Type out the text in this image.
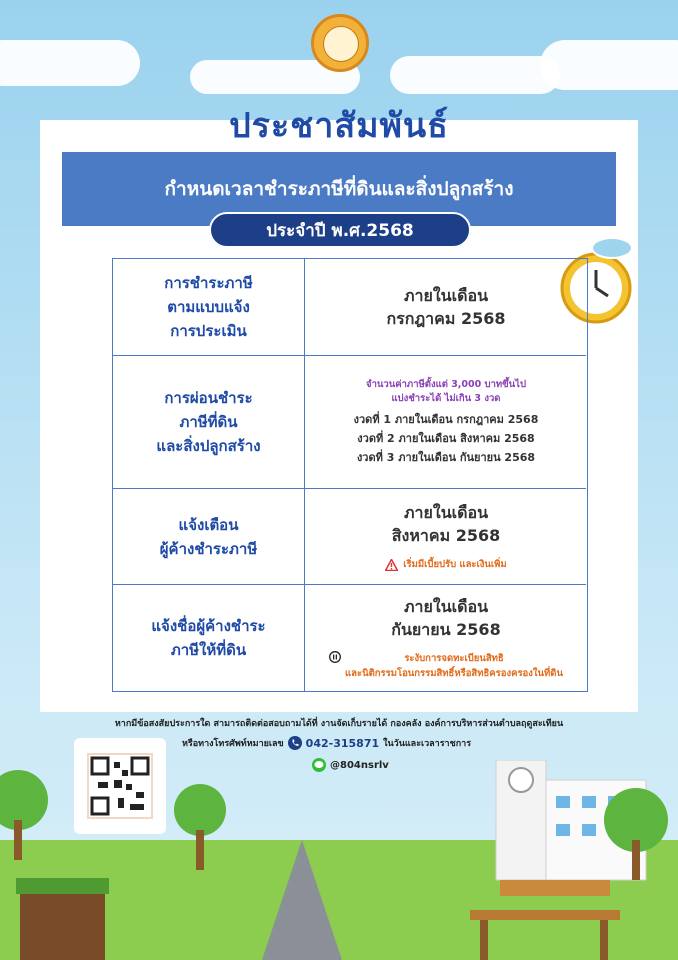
ประชาสัมพันธ์
กำหนดเวลาชำระภาษีที่ดินและสิ่งปลูกสร้าง
ประจำปี พ.ศ.2568
การชำระภาษี
ตามแบบแจ้ง
การประเมิน
ภายในเดือน
กรกฎาคม 2568
การผ่อนชำระ
ภาษีที่ดิน
และสิ่งปลูกสร้าง
จำนวนค่าภาษีตั้งแต่ 3,000 บาทขึ้นไป
แบ่งชำระได้ ไม่เกิน 3 งวด
งวดที่ 1 ภายในเดือน กรกฎาคม 2568
งวดที่ 2 ภายในเดือน สิงหาคม 2568
งวดที่ 3 ภายในเดือน กันยายน 2568
แจ้งเตือน
ผู้ค้างชำระภาษี
ภายในเดือน
สิงหาคม 2568
เริ่มมีเบี้ยปรับ และเงินเพิ่ม
แจ้งชื่อผู้ค้างชำระ
ภาษีให้ที่ดิน
ภายในเดือน
กันยายน 2568
ระงับการจดทะเบียนสิทธิ
และนิติกรรมโอนกรรมสิทธิ์หรือสิทธิครองครองในที่ดิน
หากมีข้อสงสัยประการใด สามารถติดต่อสอบถามได้ที่ งานจัดเก็บรายได้ กองคลัง องค์การบริหารส่วนตำบลฤดูสะเทียน
หรือทางโทรศัพท์หมายเลข 042-315871 ในวันและเวลาราชการ
@804nsrlv
